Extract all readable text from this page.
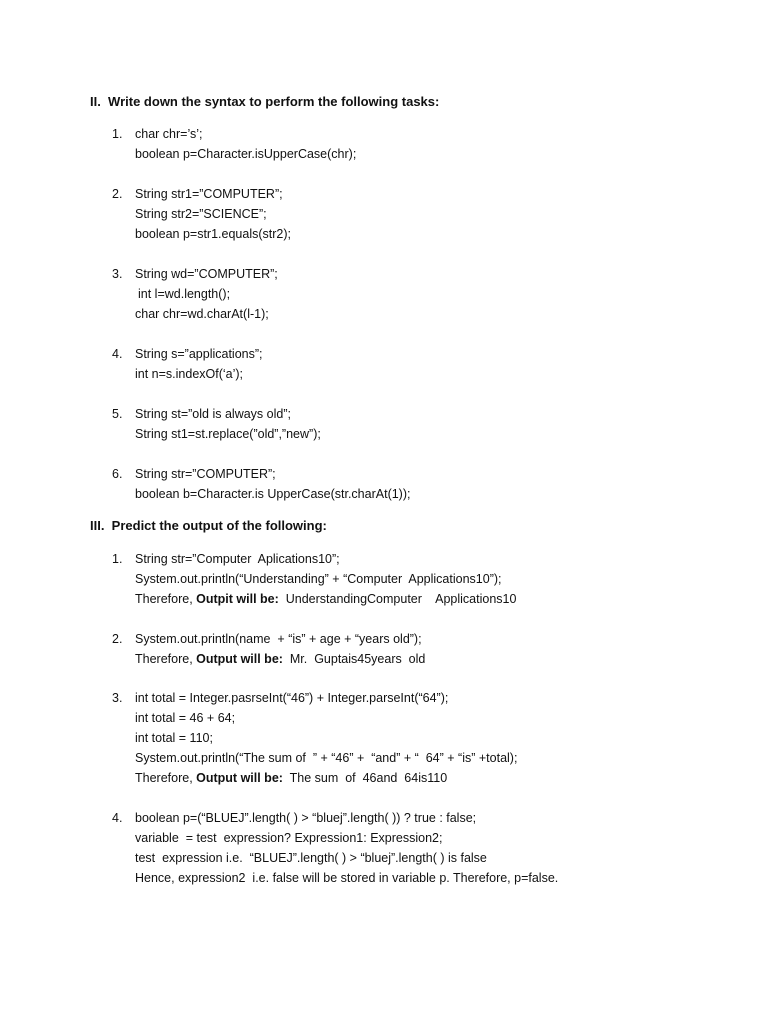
II.  Write down the syntax to perform the following tasks:
1. char chr=’s’;
boolean p=Character.isUpperCase(chr);
2. String str1=”COMPUTER”;
String str2=”SCIENCE”;
boolean p=str1.equals(str2);
3. String wd=”COMPUTER”;
int l=wd.length();
char chr=wd.charAt(l-1);
4. String s=”applications”;
int n=s.indexOf(‘a’);
5. String st=”old is always old”;
String st1=st.replace(”old”,”new”);
6. String str=”COMPUTER”;
boolean b=Character.is UpperCase(str.charAt(1));
III.  Predict the output of the following:
1. String str=”Computer  Aplications10”;
System.out.println(“Understanding” + “Computer  Applications10”);
Therefore, Outpit will be:  UnderstandingComputer    Applications10
2. System.out.println(name  + “is” + age + “years old”);
Therefore, Output will be:  Mr.  Guptais45years  old
3. int total = Integer.pasrseInt(“46”) + Integer.parseInt(“64”);
int total = 46 + 64;
int total = 110;
System.out.println(“The sum of  ” + “46” +  “and” + “  64” + “is” +total);
Therefore, Output will be:  The sum  of  46and  64is110
4. boolean p=(“BLUEJ”.length( ) > “bluej”.length( )) ? true : false;
variable  = test  expression? Expression1: Expression2;
test  expression i.e.  “BLUEJ”.length( ) > “bluej”.length( ) is false
Hence, expression2  i.e. false will be stored in variable p. Therefore, p=false.
